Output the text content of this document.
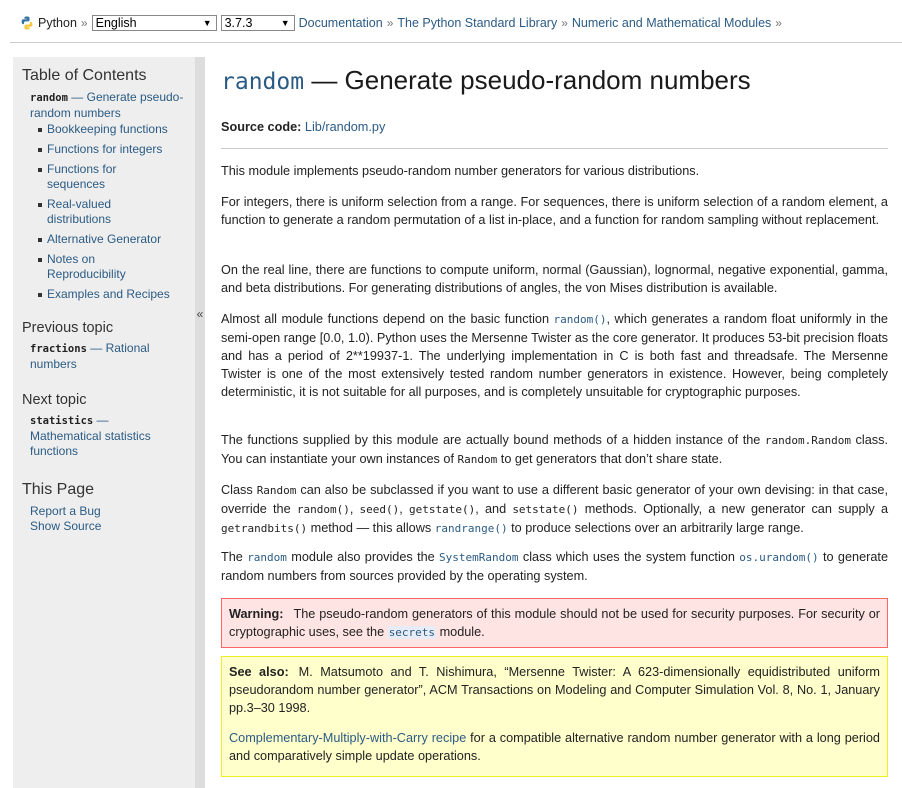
Python » English	▼ 3.7.3	▼ Documentation » The Python Standard Library » Numeric and Mathematical Modules »
Table of Contents

random — Generate pseudo-random numbers

Bookkeeping functions
Functions for integers
Functions for sequences
Real-valued distributions
Alternative Generator
Notes on Reproducibility
Examples and Recipes
Previous topic

fractions — Rational numbers

Next topic

statistics — Mathematical statistics functions

This Page
Report a Bug
Show Source
«
random — Generate pseudo-random numbers

Source code: Lib/random.py

This module implements pseudo-random number generators for various distributions.

For integers, there is uniform selection from a range. For sequences, there is uniform selection of a random element, a function to generate a random permutation of a list in-place, and a function for random sampling without replacement.

On the real line, there are functions to compute uniform, normal (Gaussian), lognormal, negative exponential, gamma, and beta distributions. For generating distributions of angles, the von Mises distribution is available.

Almost all module functions depend on the basic function random(), which generates a random float uniformly in the semi-open range [0.0, 1.0). Python uses the Mersenne Twister as the core generator. It produces 53-bit precision floats and has a period of 2**19937-1. The underlying implementation in C is both fast and threadsafe. The Mersenne Twister is one of the most extensively tested random number generators in existence. However, being completely deterministic, it is not suitable for all purposes, and is completely unsuitable for cryptographic purposes.

The functions supplied by this module are actually bound methods of a hidden instance of the random.Random class. You can instantiate your own instances of Random to get generators that don’t share state.

Class Random can also be subclassed if you want to use a different basic generator of your own devising: in that case, override the random(), seed(), getstate(), and setstate() methods. Optionally, a new generator can supply a getrandbits() method — this allows randrange() to produce selections over an arbitrarily large range.

The random module also provides the SystemRandom class which uses the system function os.urandom() to generate random numbers from sources provided by the operating system.

Warning: The pseudo-random generators of this module should not be used for security purposes. For security or cryptographic uses, see the secrets module.

See also: M. Matsumoto and T. Nishimura, “Mersenne Twister: A 623-dimensionally equidistributed uniform pseudorandom number generator”, ACM Transactions on Modeling and Computer Simulation Vol. 8, No. 1, January pp.3–30 1998.

Complementary-Multiply-with-Carry recipe for a compatible alternative random number generator with a long period and comparatively simple update operations.
